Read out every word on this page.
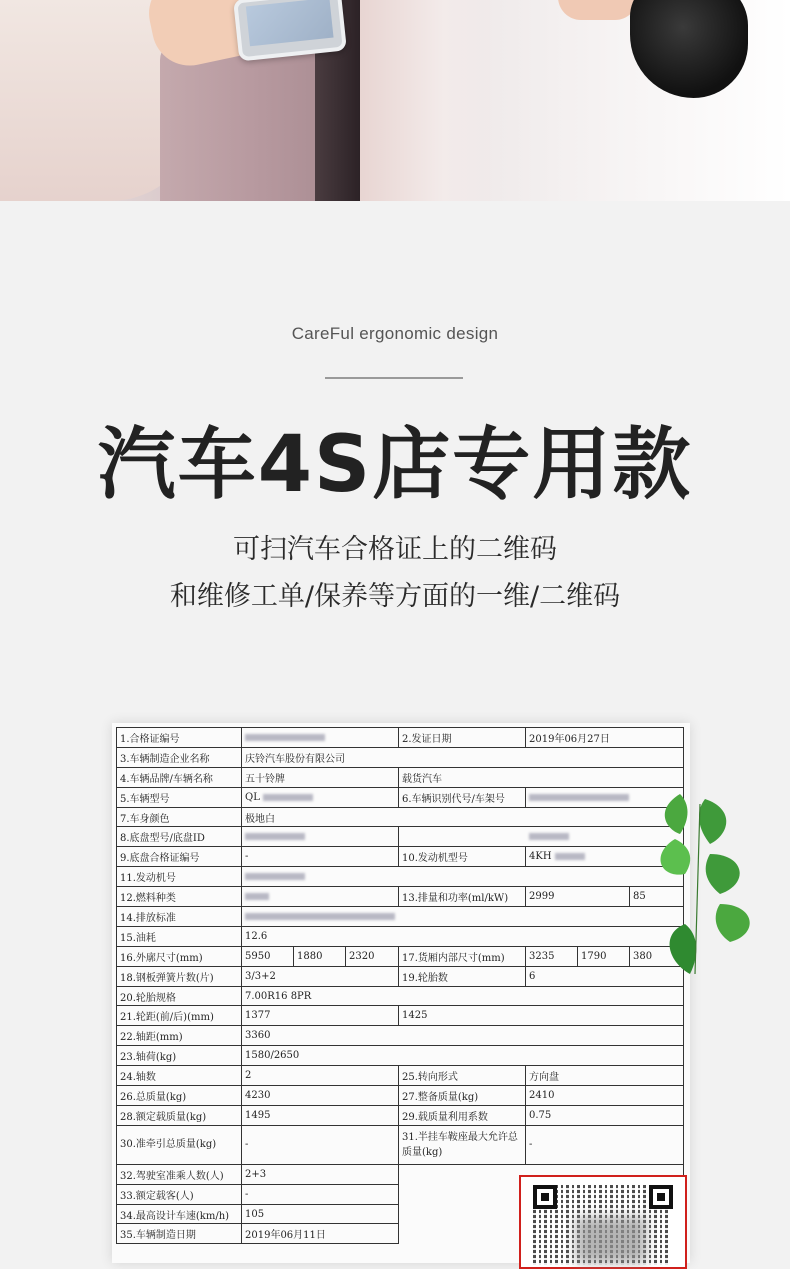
CareFul ergonomic design
汽车4S店专用款
可扫汽车合格证上的二维码
和维修工单/保养等方面的一维/二维码
1.合格证编号				2.发证日期	2019年06月27日		
3.车辆制造企业名称	庆铃汽车股份有限公司						
4.车辆品牌/车辆名称	五十铃牌			载货汽车			
5.车辆型号	QL			6.车辆识别代号/车架号			
7.车身颜色	极地白						
8.底盘型号/底盘ID							
9.底盘合格证编号	-			10.发动机型号	4KH		
11.发动机号							
12.燃料种类				13.排量和功率(ml/kW)	2999		85
14.排放标准							
15.油耗	12.6						
16.外廓尺寸(mm)	5950	1880	2320	17.货厢内部尺寸(mm)	3235	1790	380
18.钢板弹簧片数(片)	3/3+2			19.轮胎数	6		
20.轮胎规格	7.00R16 8PR						
21.轮距(前/后)(mm)	1377			1425			
22.轴距(mm)	3360						
23.轴荷(kg)	1580/2650						
24.轴数	2			25.转向形式	方向盘		
26.总质量(kg)	4230			27.整备质量(kg)	2410		
28.额定载质量(kg)	1495			29.载质量利用系数	0.75		
30.准牵引总质量(kg)	-			31.半挂车鞍座最大允许总质量(kg)	-		
32.驾驶室准乘人数(人)	2+3						
33.额定载客(人)	-						
34.最高设计车速(km/h)	105						
35.车辆制造日期	2019年06月11日						
